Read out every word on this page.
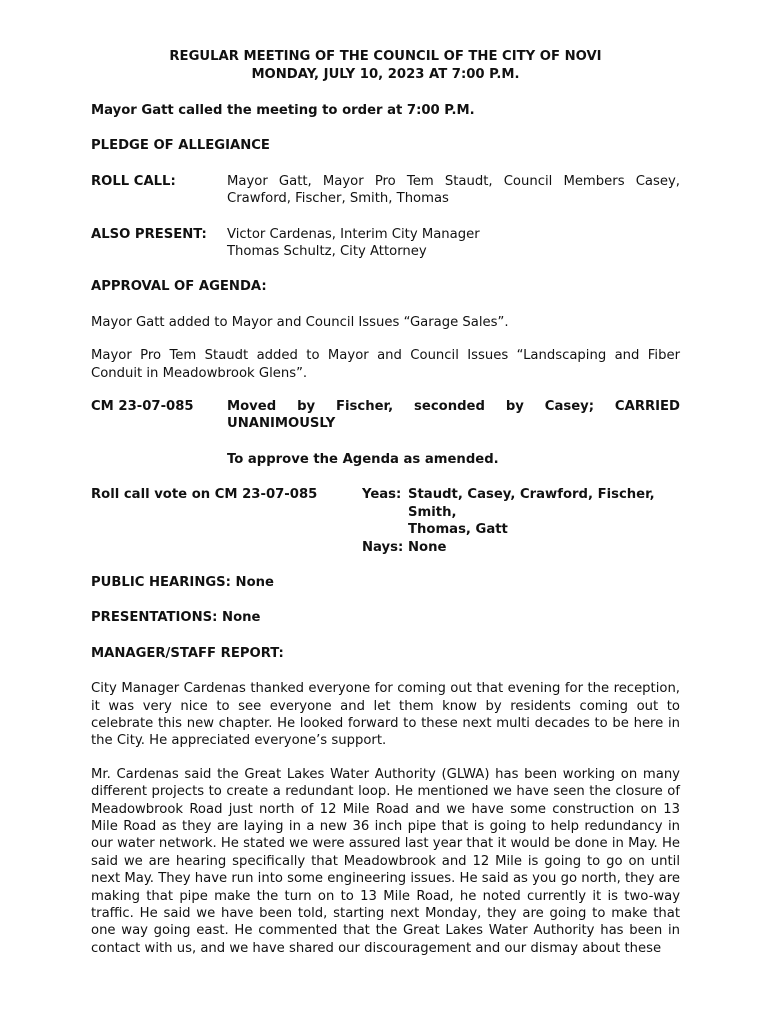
REGULAR MEETING OF THE COUNCIL OF THE CITY OF NOVI
MONDAY, JULY 10, 2023 AT 7:00 P.M.
Mayor Gatt called the meeting to order at 7:00 P.M.
PLEDGE OF ALLEGIANCE
ROLL CALL:	Mayor Gatt, Mayor Pro Tem Staudt, Council Members Casey, Crawford, Fischer, Smith, Thomas
ALSO PRESENT:	Victor Cardenas, Interim City Manager
Thomas Schultz, City Attorney
APPROVAL OF AGENDA:
Mayor Gatt added to Mayor and Council Issues “Garage Sales”.
Mayor Pro Tem Staudt added to Mayor and Council Issues “Landscaping and Fiber Conduit in Meadowbrook Glens”.
CM 23-07-085	Moved by Fischer, seconded by Casey; CARRIED UNANIMOUSLY
To approve the Agenda as amended.
Roll call vote on CM 23-07-085	Yeas: Staudt, Casey, Crawford, Fischer, Smith,
Thomas, Gatt
Nays: None
PUBLIC HEARINGS: None
PRESENTATIONS: None
MANAGER/STAFF REPORT:
City Manager Cardenas thanked everyone for coming out that evening for the reception, it was very nice to see everyone and let them know by residents coming out to celebrate this new chapter. He looked forward to these next multi decades to be here in the City. He appreciated everyone’s support.
Mr. Cardenas said the Great Lakes Water Authority (GLWA) has been working on many different projects to create a redundant loop. He mentioned we have seen the closure of Meadowbrook Road just north of 12 Mile Road and we have some construction on 13 Mile Road as they are laying in a new 36 inch pipe that is going to help redundancy in our water network. He stated we were assured last year that it would be done in May. He said we are hearing specifically that Meadowbrook and 12 Mile is going to go on until next May. They have run into some engineering issues. He said as you go north, they are making that pipe make the turn on to 13 Mile Road, he noted currently it is two-way traffic. He said we have been told, starting next Monday, they are going to make that one way going east. He commented that the Great Lakes Water Authority has been in contact with us, and we have shared our discouragement and our dismay about these
